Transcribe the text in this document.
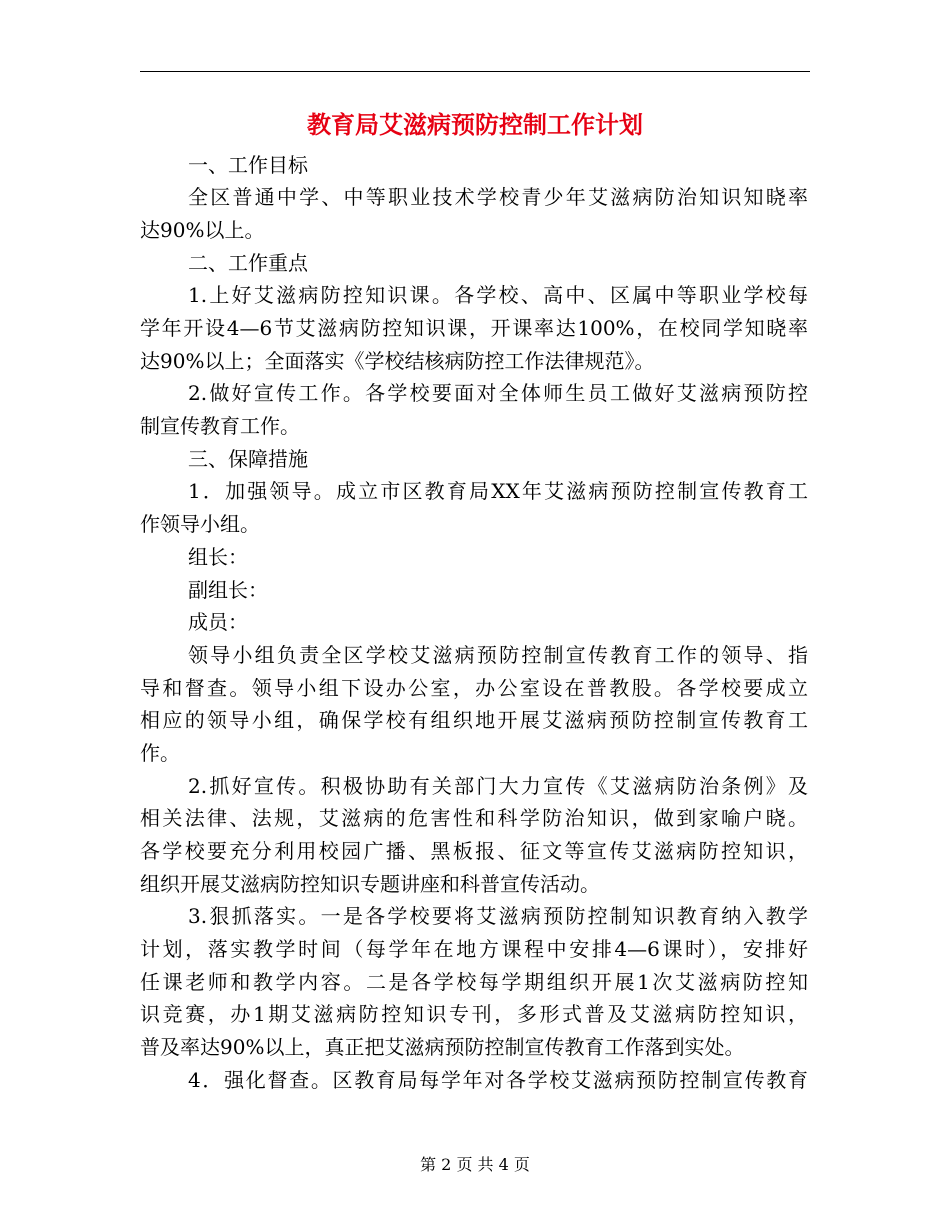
教育局艾滋病预防控制工作计划
一、工作目标
全区普通中学、中等职业技术学校青少年艾滋病防治知识知晓率
达90%以上。
二、工作重点
1.上好艾滋病防控知识课。各学校、高中、区属中等职业学校每
学年开设4—6节艾滋病防控知识课，开课率达100%，在校同学知晓率
达90%以上；全面落实《学校结核病防控工作法律规范》。
2.做好宣传工作。各学校要面对全体师生员工做好艾滋病预防控
制宣传教育工作。
三、保障措施
1．加强领导。成立市区教育局XX年艾滋病预防控制宣传教育工
作领导小组。
组长：
副组长：
成员：
领导小组负责全区学校艾滋病预防控制宣传教育工作的领导、指
导和督查。领导小组下设办公室，办公室设在普教股。各学校要成立
相应的领导小组，确保学校有组织地开展艾滋病预防控制宣传教育工
作。
2.抓好宣传。积极协助有关部门大力宣传《艾滋病防治条例》及
相关法律、法规，艾滋病的危害性和科学防治知识，做到家喻户晓。
各学校要充分利用校园广播、黑板报、征文等宣传艾滋病防控知识，
组织开展艾滋病防控知识专题讲座和科普宣传活动。
3.狠抓落实。一是各学校要将艾滋病预防控制知识教育纳入教学
计划，落实教学时间（每学年在地方课程中安排4—6课时），安排好
任课老师和教学内容。二是各学校每学期组织开展1次艾滋病防控知
识竞赛，办1期艾滋病防控知识专刊，多形式普及艾滋病防控知识，
普及率达90%以上，真正把艾滋病预防控制宣传教育工作落到实处。
4．强化督查。区教育局每学年对各学校艾滋病预防控制宣传教育
第 2 页 共 4 页
